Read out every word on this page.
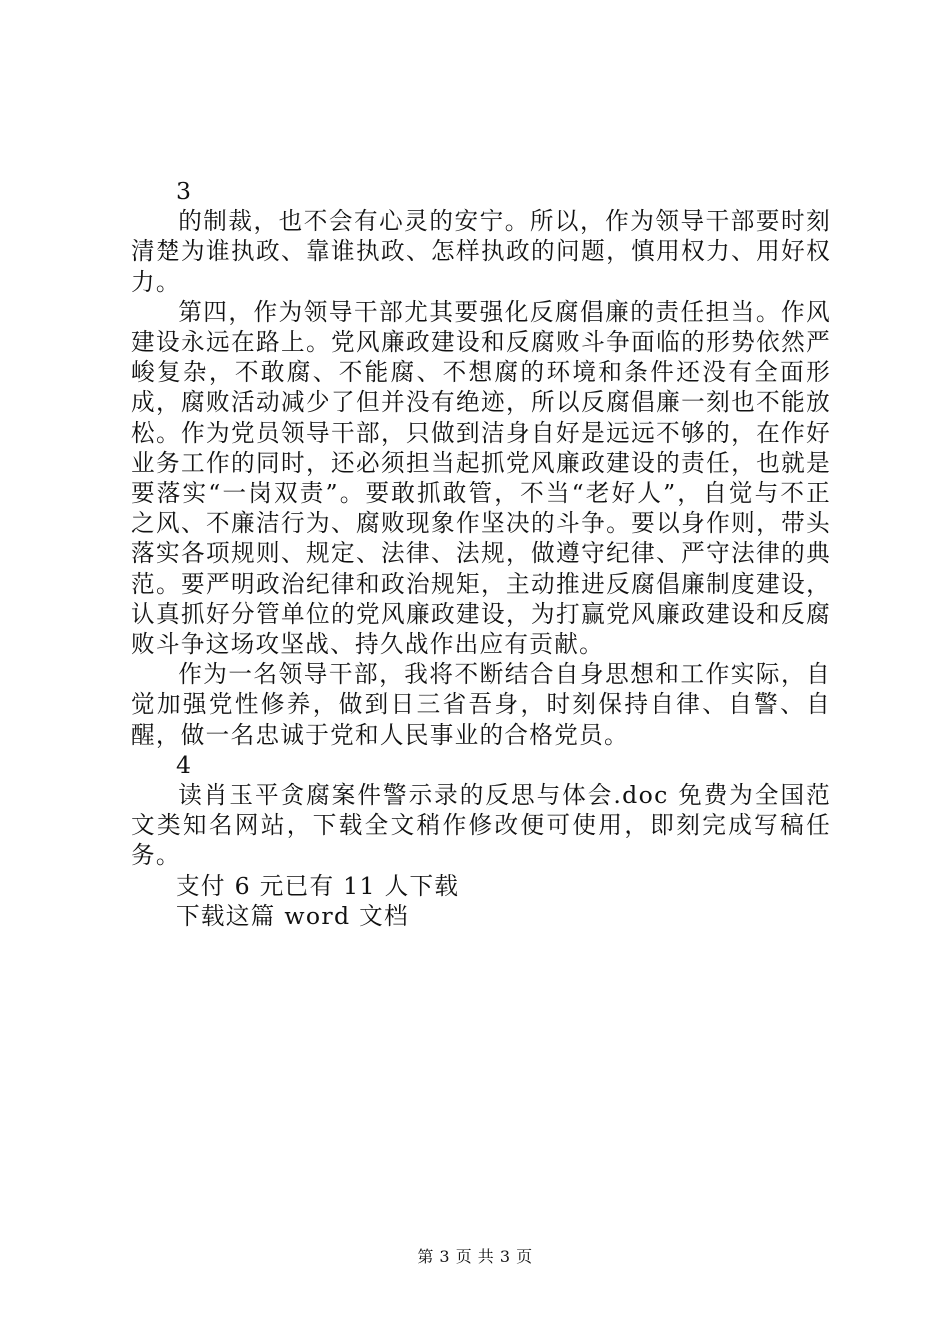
3
的制裁，也不会有心灵的安宁。所以，作为领导干部要时刻清楚为谁执政、靠谁执政、怎样执政的问题，慎用权力、用好权力。
第四，作为领导干部尤其要强化反腐倡廉的责任担当。作风建设永远在路上。党风廉政建设和反腐败斗争面临的形势依然严峻复杂，不敢腐、不能腐、不想腐的环境和条件还没有全面形成，腐败活动减少了但并没有绝迹，所以反腐倡廉一刻也不能放松。作为党员领导干部，只做到洁身自好是远远不够的，在作好业务工作的同时，还必须担当起抓党风廉政建设的责任，也就是要落实“一岗双责”。要敢抓敢管，不当“老好人”，自觉与不正之风、不廉洁行为、腐败现象作坚决的斗争。要以身作则，带头落实各项规则、规定、法律、法规，做遵守纪律、严守法律的典范。要严明政治纪律和政治规矩，主动推进反腐倡廉制度建设，认真抓好分管单位的党风廉政建设，为打赢党风廉政建设和反腐败斗争这场攻坚战、持久战作出应有贡献。
作为一名领导干部，我将不断结合自身思想和工作实际，自觉加强党性修养，做到日三省吾身，时刻保持自律、自警、自醒，做一名忠诚于党和人民事业的合格党员。
4
读肖玉平贪腐案件警示录的反思与体会.doc 免费为全国范文类知名网站，下载全文稍作修改便可使用，即刻完成写稿任务。
支付 6 元已有 11 人下载
下载这篇 word 文档
第 3 页 共 3 页
